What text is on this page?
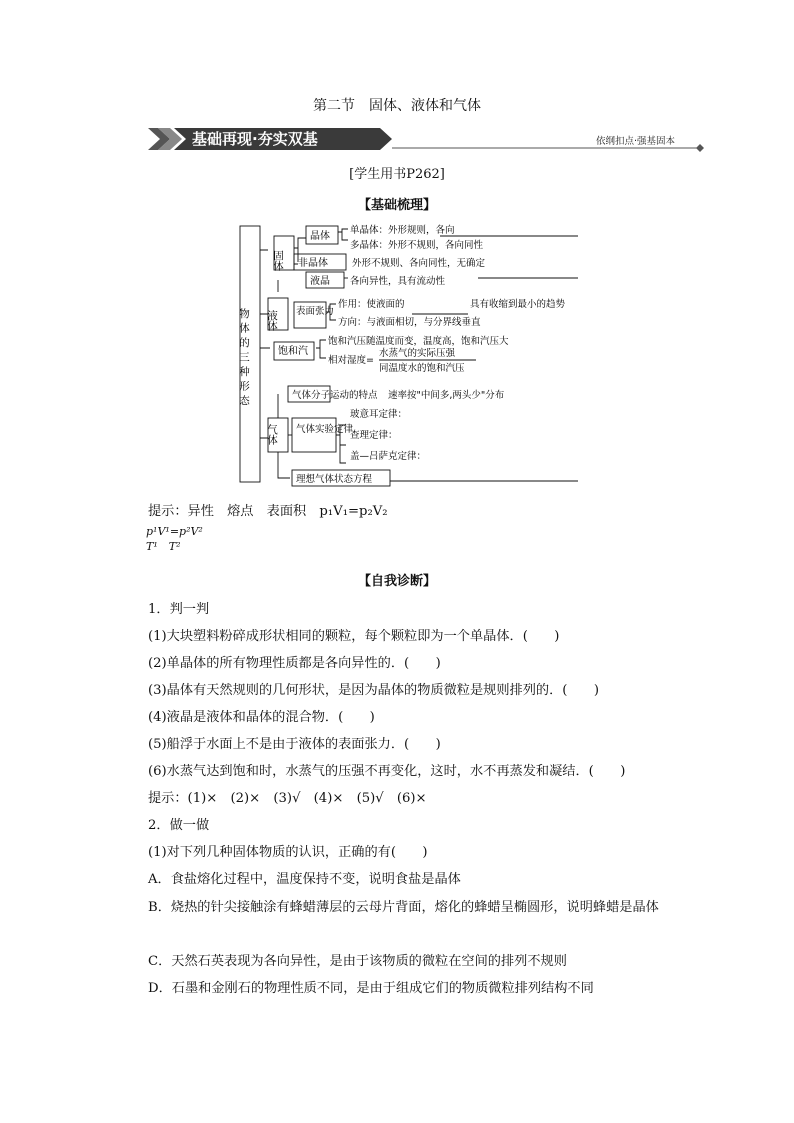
第二节　固体、液体和气体
基础再现·夯实双基	依纲扣点·强基固本
[学生用书P262]
【基础梳理】
物体的三种形态
固体
晶体
单晶体：外形规则，各向
多晶体：外形不规则，各向同性
非晶体	外形不规则、各向同性，无确定
液晶 各向异性，具有流动性
液体 表面张力
作用：使液面的	具有收缩到最小的趋势
方向：与液面相切，与分界线垂直
饱和汽
饱和汽压随温度而变，温度高，饱和汽压大
相对湿度=
水蒸气的实际压强
同温度水的饱和汽压
气体分子运动的特点 速率按"中间多,两头少"分布
气体 气体实验定律
玻意耳定律：
查理定律：
盖—吕萨克定律：
理想气体状态方程
提示：异性　熔点　表面积　p₁V₁=p₂V₂
p¹V¹=p²V²
T¹　 T²
【自我诊断】
1．判一判
(1)大块塑料粉碎成形状相同的颗粒，每个颗粒即为一个单晶体．(　　)
(2)单晶体的所有物理性质都是各向异性的．(　　)
(3)晶体有天然规则的几何形状，是因为晶体的物质微粒是规则排列的．(　　)
(4)液晶是液体和晶体的混合物．(　　)
(5)船浮于水面上不是由于液体的表面张力．(　　)
(6)水蒸气达到饱和时，水蒸气的压强不再变化，这时，水不再蒸发和凝结．(　　)
提示：(1)×　(2)×　(3)√　(4)×　(5)√　(6)×
2．做一做
(1)对下列几种固体物质的认识，正确的有(　　)
A．食盐熔化过程中，温度保持不变，说明食盐是晶体
B．烧热的针尖接触涂有蜂蜡薄层的云母片背面，熔化的蜂蜡呈椭圆形，说明蜂蜡是晶体
C．天然石英表现为各向异性，是由于该物质的微粒在空间的排列不规则
D．石墨和金刚石的物理性质不同，是由于组成它们的物质微粒排列结构不同
